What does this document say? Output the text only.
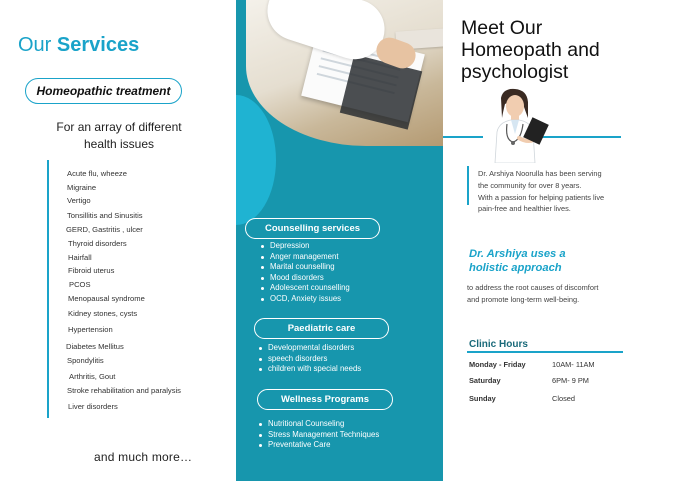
Our Services
Homeopathic treatment
For an array of different
health issues
Acute flu, wheeze
Migraine
Vertigo
Tonsillitis and Sinusitis
GERD, Gastritis , ulcer
Thyroid disorders
Hairfall
Fibroid uterus
PCOS
Menopausal syndrome
Kidney stones, cysts
Hypertension
Diabetes Mellitus
Spondylitis
Arthritis, Gout
Stroke rehabilitation and paralysis
Liver disorders
and much more…
Counselling services
Depression
Anger management
Marital counselling
Mood disorders
Adolescent counselling
OCD, Anxiety issues
Paediatric care
Developmental disorders
speech disorders
children with special needs
Wellness Programs
Nutritional Counseling
Stress Management Techniques
Preventative Care
Meet Our
Homeopath and
psychologist
Dr. Arshiya Noorulla has been serving
the community for over 8 years.
With a passion for helping patients live
pain-free and healthier lives.
Dr. Arshiya uses a
holistic approach
to address the root causes of discomfort
and promote long-term well-being.
Clinic Hours
Monday - Friday	10AM- 11AM
Saturday	6PM- 9 PM
Sunday	Closed
